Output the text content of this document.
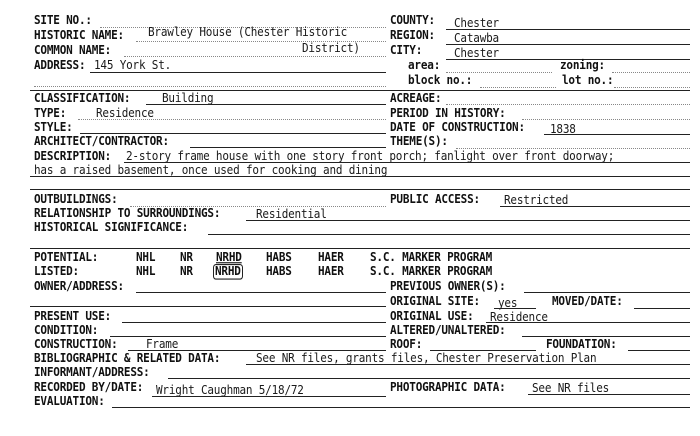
SITE NO.:
HISTORIC NAME: Brawley House (Chester Historic
COMMON NAME:	District)
ADDRESS: 145 York St.
COUNTY: Chester
REGION: Catawba
CITY:	Chester
area:	zoning:
block no.:	lot no.:
CLASSIFICATION:	Building
TYPE:	Residence
STYLE:
ARCHITECT/CONTRACTOR:
ACREAGE:
PERIOD IN HISTORY:
DATE OF CONSTRUCTION: 1838
THEME(S):
DESCRIPTION: 2-story frame house with one story front porch; fanlight over front doorway;
has a raised basement, once used for cooking and dining
OUTBUILDINGS:	PUBLIC ACCESS: Restricted
RELATIONSHIP TO SURROUNDINGS:	Residential
HISTORICAL SIGNIFICANCE:
POTENTIAL:	NHL NR NRHD HABS HAER S.C. MARKER PROGRAM
LISTED:	NHL NR NRHD HABS HAER S.C. MARKER PROGRAM
OWNER/ADDRESS:	PREVIOUS OWNER(S):
ORIGINAL SITE: yes	MOVED/DATE:
PRESENT USE:	ORIGINAL USE: Residence
CONDITION:	ALTERED/UNALTERED:
CONSTRUCTION:	Frame	ROOF:	FOUNDATION:
BIBLIOGRAPHIC & RELATED DATA:	See NR files, grants files, Chester Preservation Plan
INFORMANT/ADDRESS:
RECORDED BY/DATE: Wright Caughman 5/18/72	PHOTOGRAPHIC DATA: See NR files
EVALUATION:
